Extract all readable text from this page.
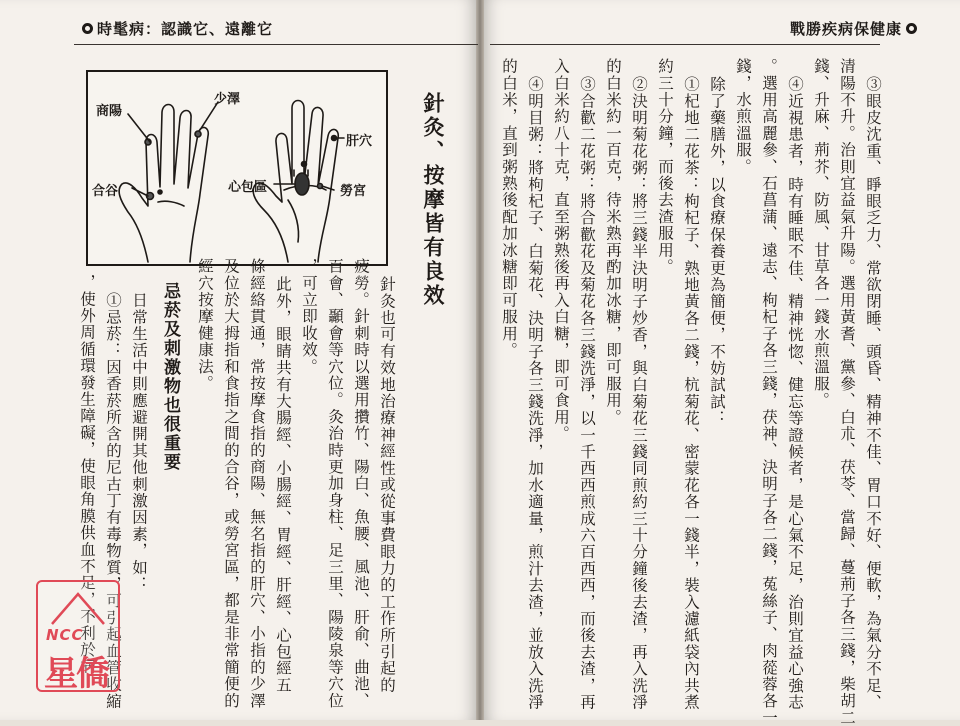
時髦病：認識它、遠離它	戰勝疾病保健康
商陽
少澤
肝穴
合谷	心包區	勞宮	針灸、按摩皆有良效
針灸也可有效地治療神經性或從事費眼力的工作所引起的
疲勞。針刺時以選用攢竹、陽白、魚腰、風池、肝俞、曲池、
百會、顳會等穴位。灸治時更加身柱、足三里、陽陵泉等穴位
，可立即收效。
此外，眼睛共有大腸經、小腸經、胃經、肝經、心包經五
條經絡貫通，常按摩食指的商陽、無名指的肝穴、小指的少澤
及位於大拇指和食指之間的合谷，或勞宮區，都是非常簡便的
經穴按摩健康法。
忌菸及刺激物也很重要
日常生活中則應避開其他刺激因素，如：
①忌菸：因香菸所含的尼古丁有毒物質，可引起血管收縮
，使外周循環發生障礙，使眼角膜供血不足，不利於病	③眼皮沈重、睜眼乏力、常欲閉睡、頭昏、精神不佳、胃口不好、便軟，為氣分不足、
清陽不升。治則宜益氣升陽。選用黃耆、黨參、白朮、茯苓、當歸、蔓荊子各三錢，柴胡二
錢、升麻、荊芥、防風、甘草各一錢水煎溫服。
④近視患者，時有睡眠不佳、精神恍惚、健忘等證候者，是心氣不足，治則宜益心強志
。選用高麗參、石菖蒲、遠志、枸杞子各三錢，茯神、決明子各二錢，菟絲子、肉蓯蓉各一
錢，水煎溫服。
除了藥膳外，以食療保養更為簡便，不妨試試：
①杞地二花茶：枸杞子、熟地黃各二錢，杭菊花、密蒙花各一錢半，裝入濾紙袋內共煮
約三十分鐘，而後去渣服用。
②決明菊花粥：將三錢半決明子炒香，與白菊花三錢同煎約三十分鐘後去渣，再入洗淨
的白米約一百克，待米熟再酌加冰糖，即可服用。
③合歡二花粥：將合歡花及菊花各三錢洗淨，以一千西西煎成六百西西，而後去渣，再
入白米約八十克，直至粥熟後再入白糖，即可食用。
④明目粥：將枸杞子、白菊花、決明子各三錢洗淨，加水適量，煎汁去渣，並放入洗淨
的白米，直到粥熟後配加冰糖即可服用。
NCC
星僑
